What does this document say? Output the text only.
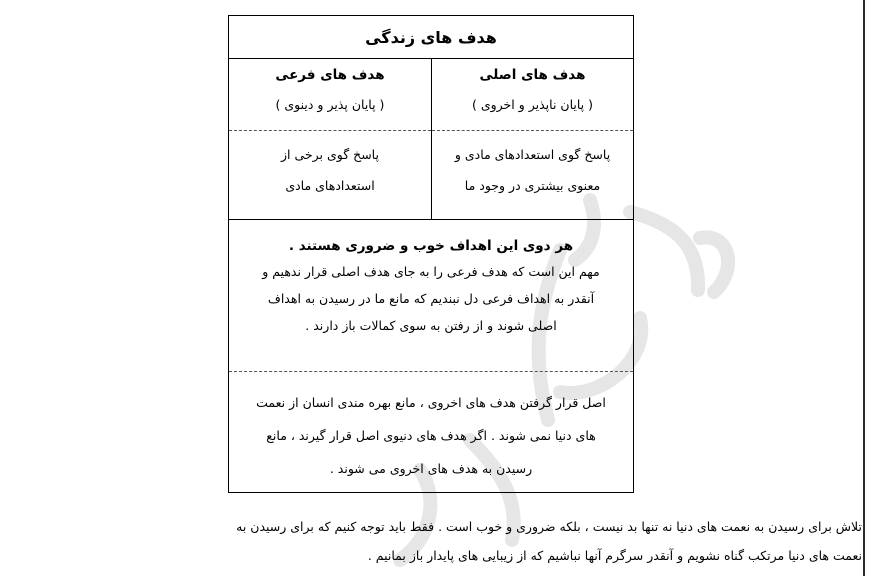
هدف های زندگی
هدف های اصلی
( پایان ناپذیر و اخروی )
پاسخ گوی استعدادهای مادی و
معنوی بیشتری در وجود ما
هدف های فرعی
( پایان پذیر و دینوی )
پاسخ گوی برخی از
استعدادهای مادی
هر دوی این اهداف خوب و ضروری هستند .
مهم این است که هدف فرعی را به جای هدف اصلی قرار ندهیم و
آنقدر به اهداف فرعی دل نبندیم که مانع ما در رسیدن به اهداف
اصلی شوند و از رفتن به سوی کمالات باز دارند .
اصل قرار گرفتن هدف های اخروی ، مانع بهره مندی انسان از نعمت
های دنیا نمی شوند . اگر هدف های دنیوی اصل قرار گیرند ، مانع
رسیدن به هدف های اخروی می شوند .
تلاش برای رسیدن به نعمت های دنیا نه تنها بد نیست ، بلکه ضروری و خوب است . فقط باید توجه کنیم که برای رسیدن به
نعمت های دنیا مرتکب گناه نشویم و آنقدر سرگرم آنها نباشیم که از زیبایی های پایدار باز بمانیم .
